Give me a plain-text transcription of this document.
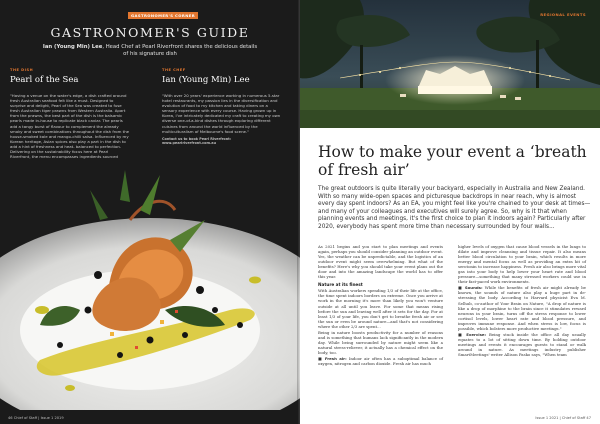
GASTRONOMER'S CORNER
GASTRONOMER'S GUIDE
Ian (Young Min) Lee, Head Chef at Pearl Riverfront shares the delicious details of his signature dish
THE DISH
Pearl of the Sea
"Having a venue on the water's edge, a dish crafted around fresh Australian seafood felt like a must. Designed to surprise and delight, Pearl of the Sea was created to fuse fresh Australian tiger prawns from Western Australia. Apart from the prawns, the best part of the dish is the balsamic pearls made in-house to replicate black caviar. The pearls add a tangy burst of flavour to complement the already smoky and sweet combinations throughout the dish from the house-smoked kale and mango-chilli salsa. Influenced by my Korean heritage, Asian spices also play a part in the dish to add a hint of freshness and heat- balanced to perfection. Delivering on the sustainability focus here at Pearl Riverfront, the menu encompasses ingredients sourced
THE CHEF
Ian (Young Min) Lee
"With over 20 years' experience working in numerous 5-star hotel restaurants, my passion lies in the diversification and evolution of food to my kitchen and taking diners on a sensory experience with every course. Having grown up in Korea, I've intricately dedicated my craft to creating my own diverse one-of-a-kind dishes through exploring different cuisines from around the world influenced by the multiculturalism of Melbourne's food scene."
Contact us to book Pearl Riverfront: www.pearlriverfront.com.au
46 Chief of Staff | Issue 1 2019
REGIONAL EVENTS
How to make your event a ‘breath of fresh air’
The great outdoors is quite literally your backyard, especially in Australia and New Zealand. With so many wide-open spaces and picturesque backdrops in near reach, why is almost every day spent indoors? As an EA, you might feel like you're chained to your desk at times—and many of your colleagues and executives will surely agree. So, why is it that when planning events and meetings, it's the first choice to plan it indoors again? Particularly after 2020, everybody has spent more time than necessary surrounded by four walls...

As 2021 begins and you start to plan meetings and events again, perhaps you should consider planning an outdoor event. Yes, the weather can be unpredictable, and the logistics of an outdoor event might seem overwhelming. But what of the benefits? Here's why you should take your event plans out the door and into the amazing landscape the world has to offer this year.

Nature at its finest

With Australian workers spending 1/3 of their life at the office, the time spent indoors borders on extreme. Once you arrive at work in the morning it's more than likely you won't venture outside at all until you leave. For some that means rising before the sun and leaving well after it sets for the day. For at least 1/3 of your life, you don't get to breathe fresh air or see the sun or even be around nature—and that's not considering where the other 2/3 are spent...

Being in nature boosts productivity for a number of reasons and is something that humans lack significantly in the modern day. While being surrounded by nature might seem like a natural stress-reliever, it actually has a chemical effect on the body, too.

■ Fresh air: Indoor air often has a suboptimal balance of oxygen, nitrogen and carbon dioxide. Fresh air has much

higher levels of oxygen that cause blood vessels in the lungs to dilate and improve cleansing and tissue repair. It also means better blood circulation to your brain, which results in more energy and mental focus as well as providing an extra hit of serotonin to increase happiness. Fresh air also brings more vital gas into your body to help lower your heart rate and blood pressure—something that many stressed workers could use in their fast-paced work environments.

■ Sounds: While the benefits of fresh air might already be known, the sounds of nature also play a huge part in de-stressing the body. According to Harvard physicist Eva M. Selhub, co-author of Your Brain on Nature, "A drop of nature is like a drop of morphine to the brain since it stimulates reward neurons in your brain, turns off the stress response to lower cortisol levels, lower heart rate and blood pressure, and improves immune response. And when stress is low, focus is possible, which bolsters more productive meetings."

■ Exercise: Being stuck inside the office all day usually equates to a lot of sitting down time. By holding outdoor meetings and events it encourages guests to stand or walk around in nature. As meetings industry publisher SmartMeetings' writer Allison Pasko says, "When team

Issue 1 2021 | Chief of Staff 47
